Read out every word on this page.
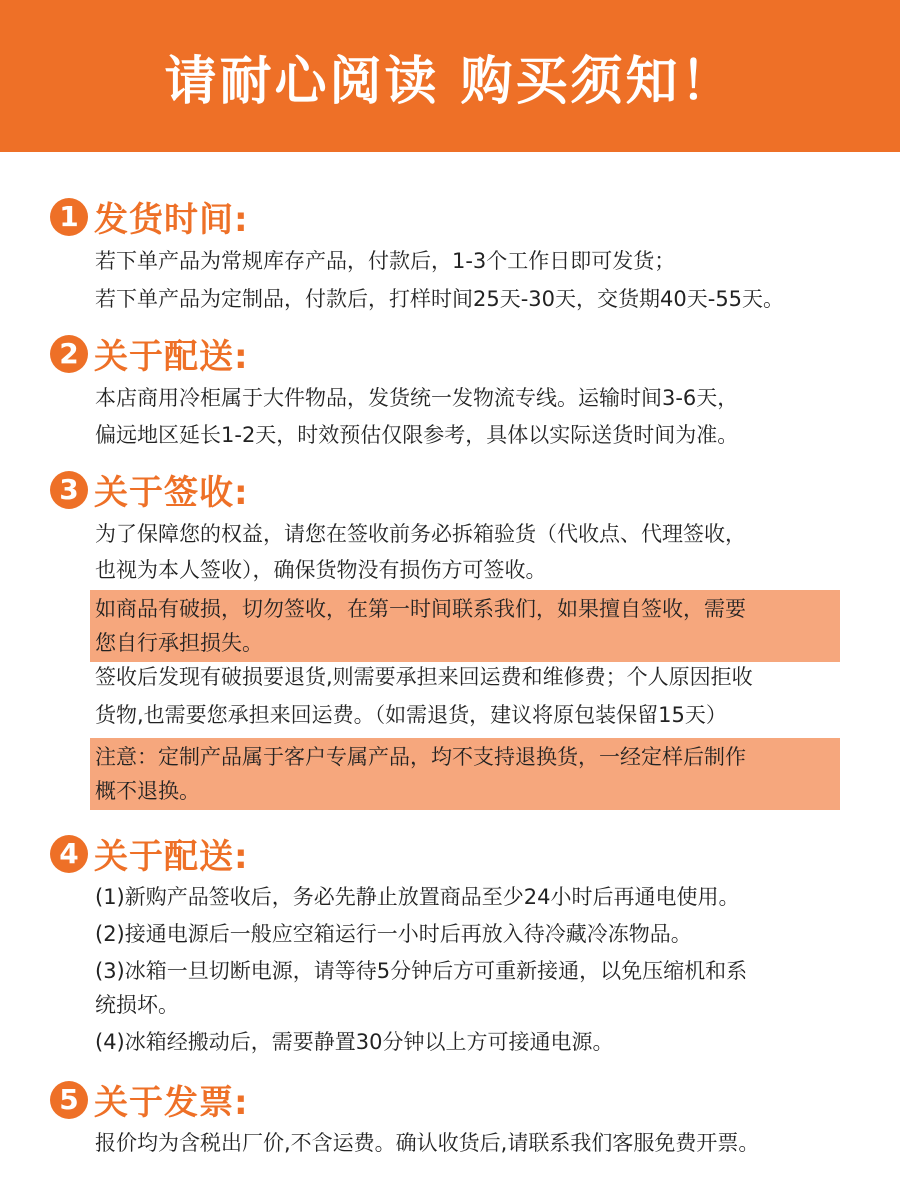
请耐心阅读 购买须知！
1 发货时间:
若下单产品为常规库存产品，付款后，1-3个工作日即可发货；
若下单产品为定制品，付款后，打样时间25天-30天，交货期40天-55天。
2 关于配送:
本店商用冷柜属于大件物品，发货统一发物流专线。运输时间3-6天，
偏远地区延长1-2天，时效预估仅限参考，具体以实际送货时间为准。
3 关于签收:
为了保障您的权益，请您在签收前务必拆箱验货（代收点、代理签收，
也视为本人签收），确保货物没有损伤方可签收。
如商品有破损，切勿签收，在第一时间联系我们，如果擅自签收，需要
您自行承担损失。
签收后发现有破损要退货,则需要承担来回运费和维修费；个人原因拒收
货物,也需要您承担来回运费。（如需退货，建议将原包装保留15天）
注意：定制产品属于客户专属产品，均不支持退换货，一经定样后制作
概不退换。
4 关于配送:
(1)新购产品签收后，务必先静止放置商品至少24小时后再通电使用。
(2)接通电源后一般应空箱运行一小时后再放入待冷藏冷冻物品。
(3)冰箱一旦切断电源，请等待5分钟后方可重新接通，以免压缩机和系
统损坏。
(4)冰箱经搬动后，需要静置30分钟以上方可接通电源。
5 关于发票:
报价均为含税出厂价,不含运费。确认收货后,请联系我们客服免费开票。
